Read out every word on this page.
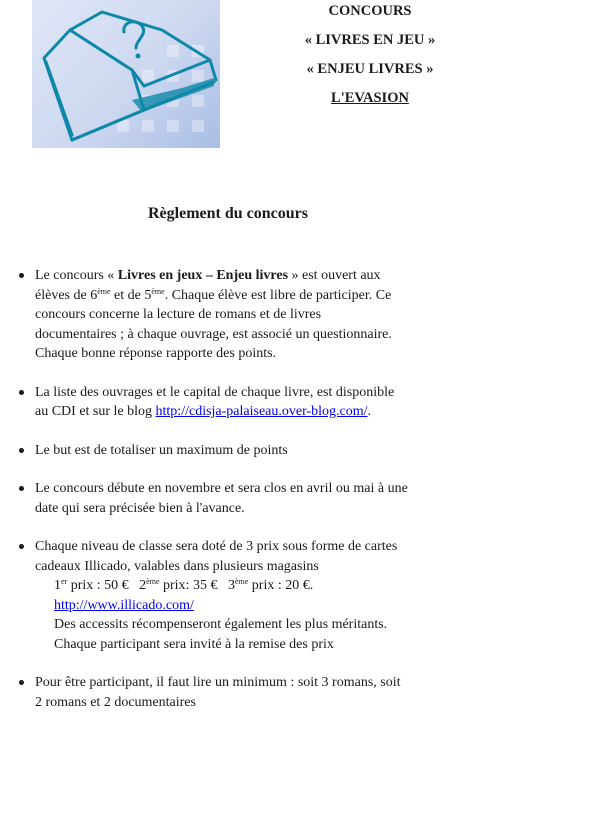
CONCOURS
« LIVRES EN JEU »
« ENJEU LIVRES »
L'EVASION
Règlement du concours

Le concours « Livres en jeux – Enjeu livres » est ouvert aux
élèves de 6ème et de 5ème. Chaque élève est libre de participer. Ce
concours concerne la lecture de romans et de livres
documentaires ; à chaque ouvrage, est associé un questionnaire.
Chaque bonne réponse rapporte des points.

La liste des ouvrages et le capital de chaque livre, est disponible
au CDI et sur le blog http://cdisja-palaiseau.over-blog.com/.

Le but est de totaliser un maximum de points

Le concours débute en novembre et sera clos en avril ou mai à une
date qui sera précisée bien à l'avance.

Chaque niveau de classe sera doté de 3 prix sous forme de cartes
cadeaux Illicado, valables dans plusieurs magasins

1er prix : 50 €   2ème prix: 35 €   3ème prix : 20 €.

http://www.illicado.com/

Des accessits récompenseront également les plus méritants.

Chaque participant sera invité à la remise des prix

Pour être participant, il faut lire un minimum : soit 3 romans, soit
2 romans et 2 documentaires
